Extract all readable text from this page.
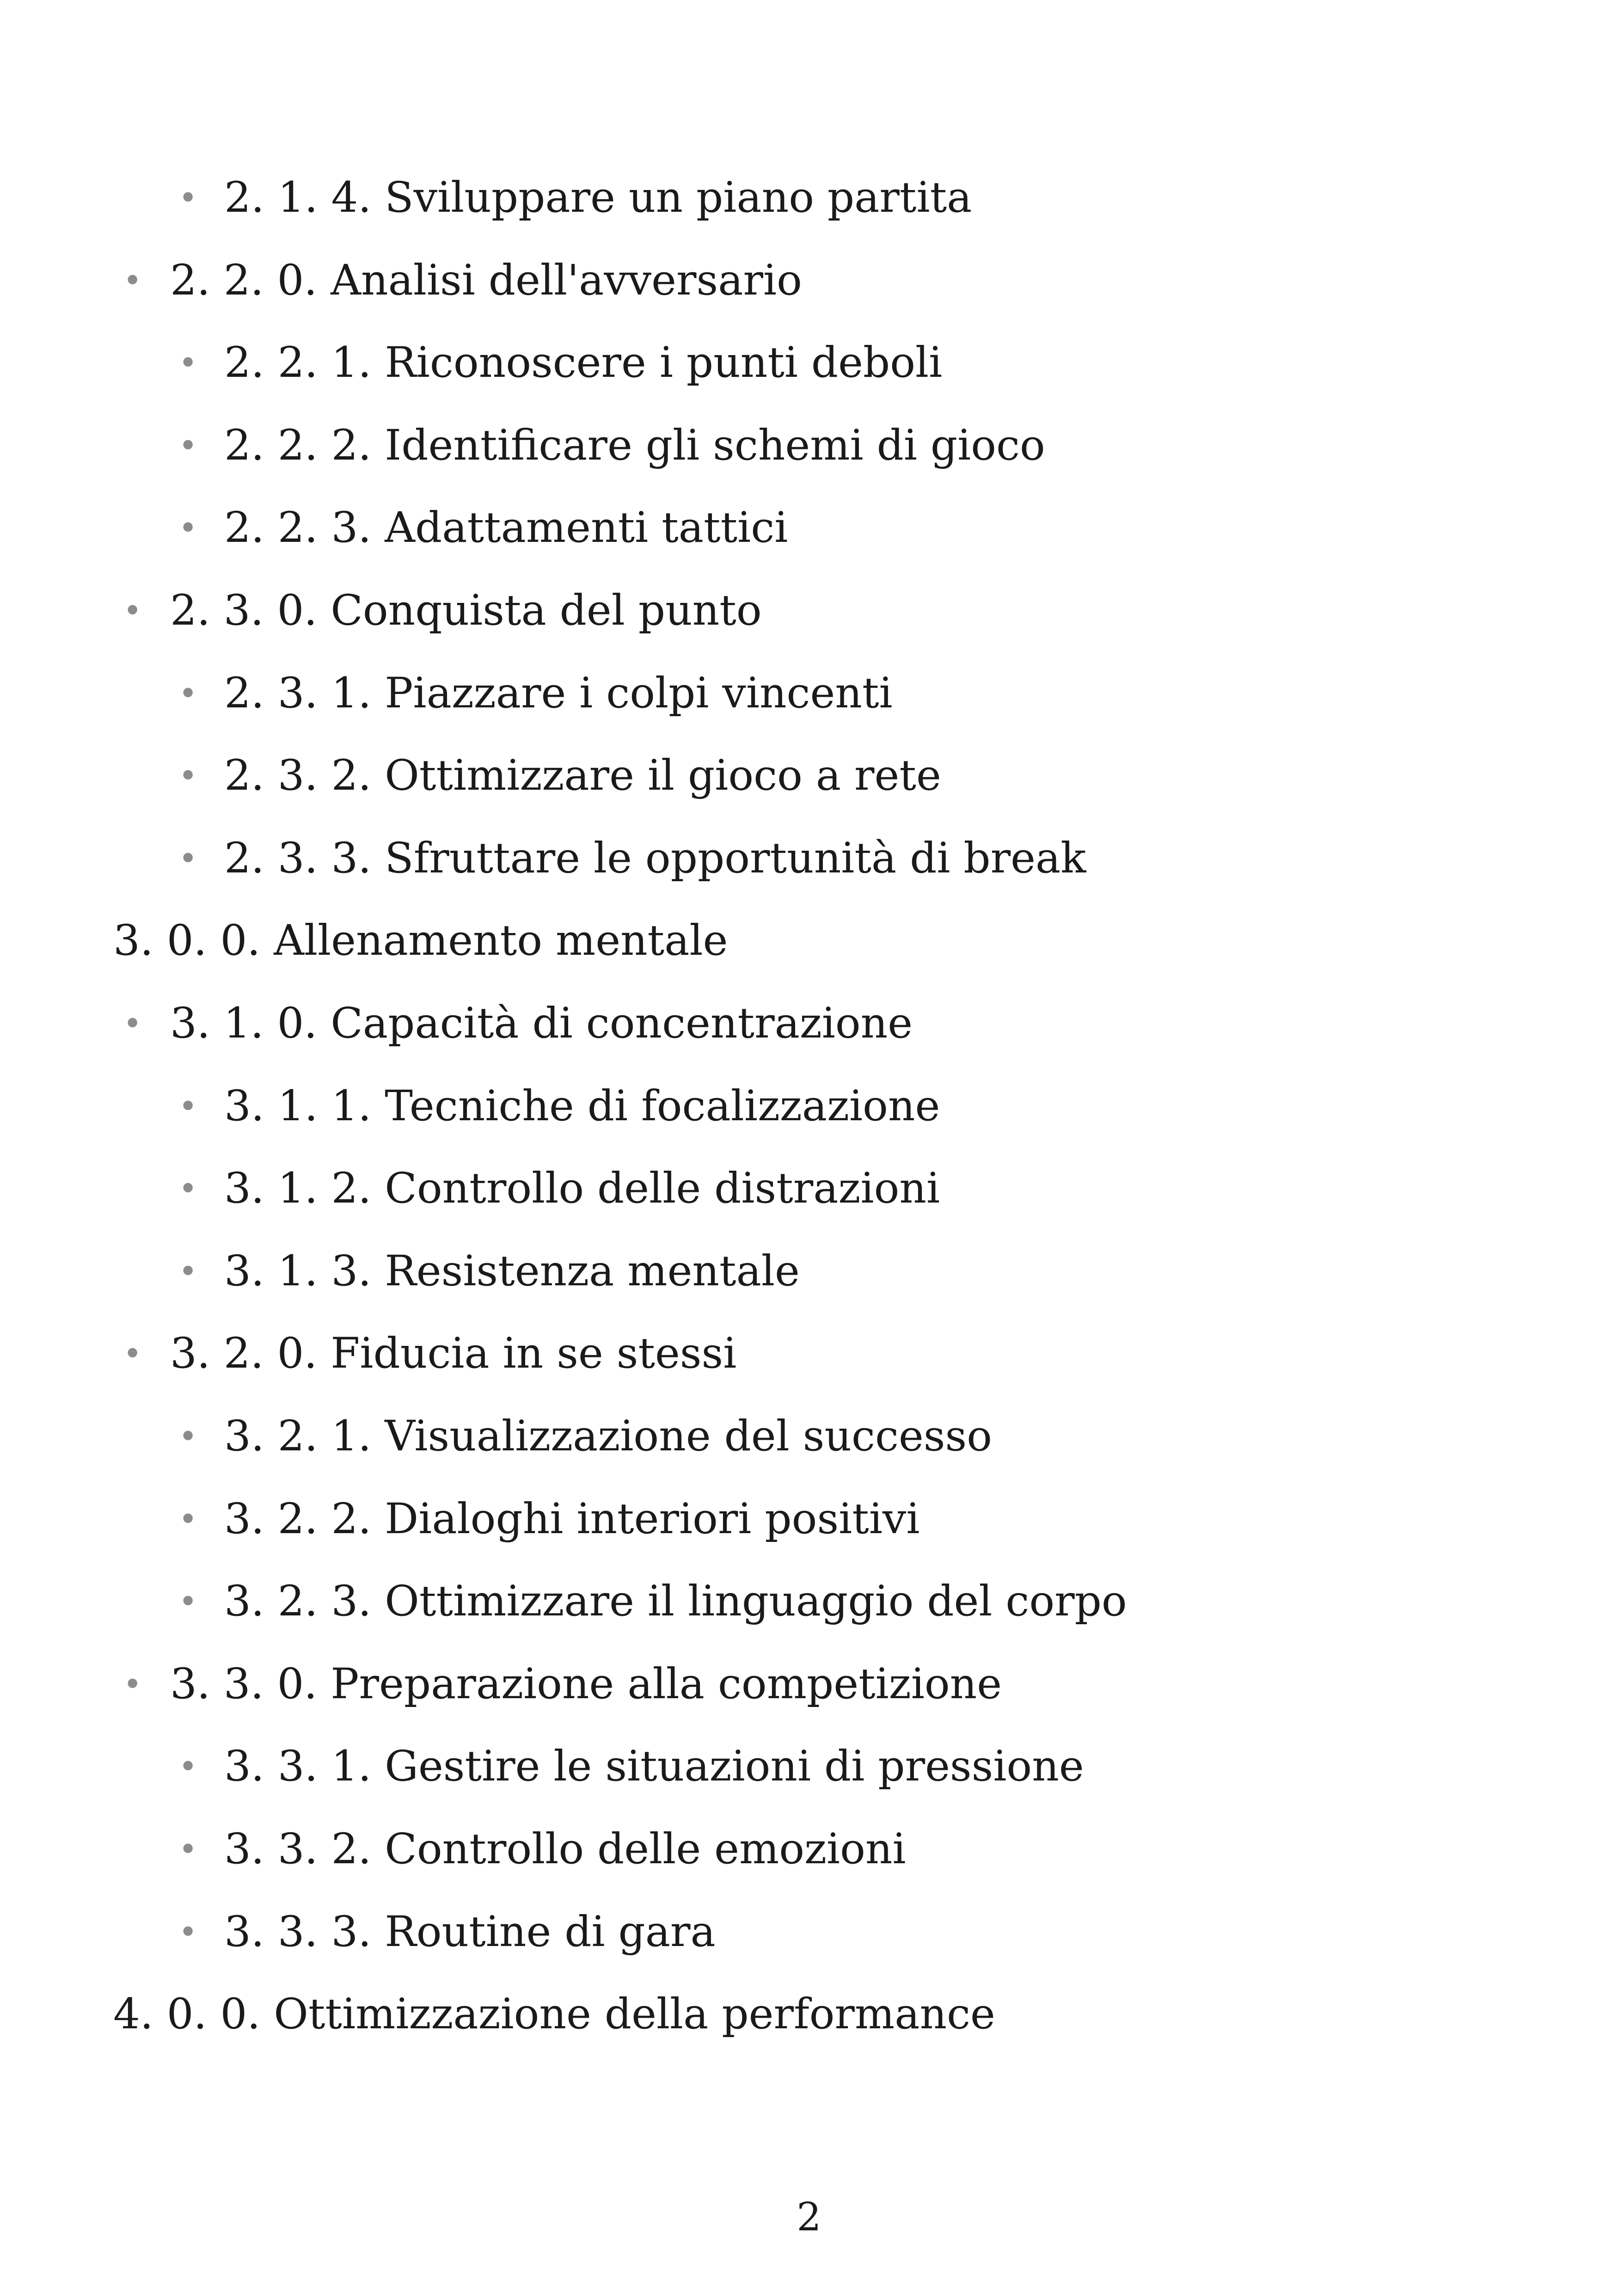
• 2. 1. 4. Sviluppare un piano partita
• 2. 2. 0. Analisi dell'avversario
• 2. 2. 1. Riconoscere i punti deboli
• 2. 2. 2. Identificare gli schemi di gioco
• 2. 2. 3. Adattamenti tattici
• 2. 3. 0. Conquista del punto
• 2. 3. 1. Piazzare i colpi vincenti
• 2. 3. 2. Ottimizzare il gioco a rete
• 2. 3. 3. Sfruttare le opportunità di break
3. 0. 0. Allenamento mentale
• 3. 1. 0. Capacità di concentrazione
• 3. 1. 1. Tecniche di focalizzazione
• 3. 1. 2. Controllo delle distrazioni
• 3. 1. 3. Resistenza mentale
• 3. 2. 0. Fiducia in se stessi
• 3. 2. 1. Visualizzazione del successo
• 3. 2. 2. Dialoghi interiori positivi
• 3. 2. 3. Ottimizzare il linguaggio del corpo
• 3. 3. 0. Preparazione alla competizione
• 3. 3. 1. Gestire le situazioni di pressione
• 3. 3. 2. Controllo delle emozioni
• 3. 3. 3. Routine di gara
4. 0. 0. Ottimizzazione della performance
2
